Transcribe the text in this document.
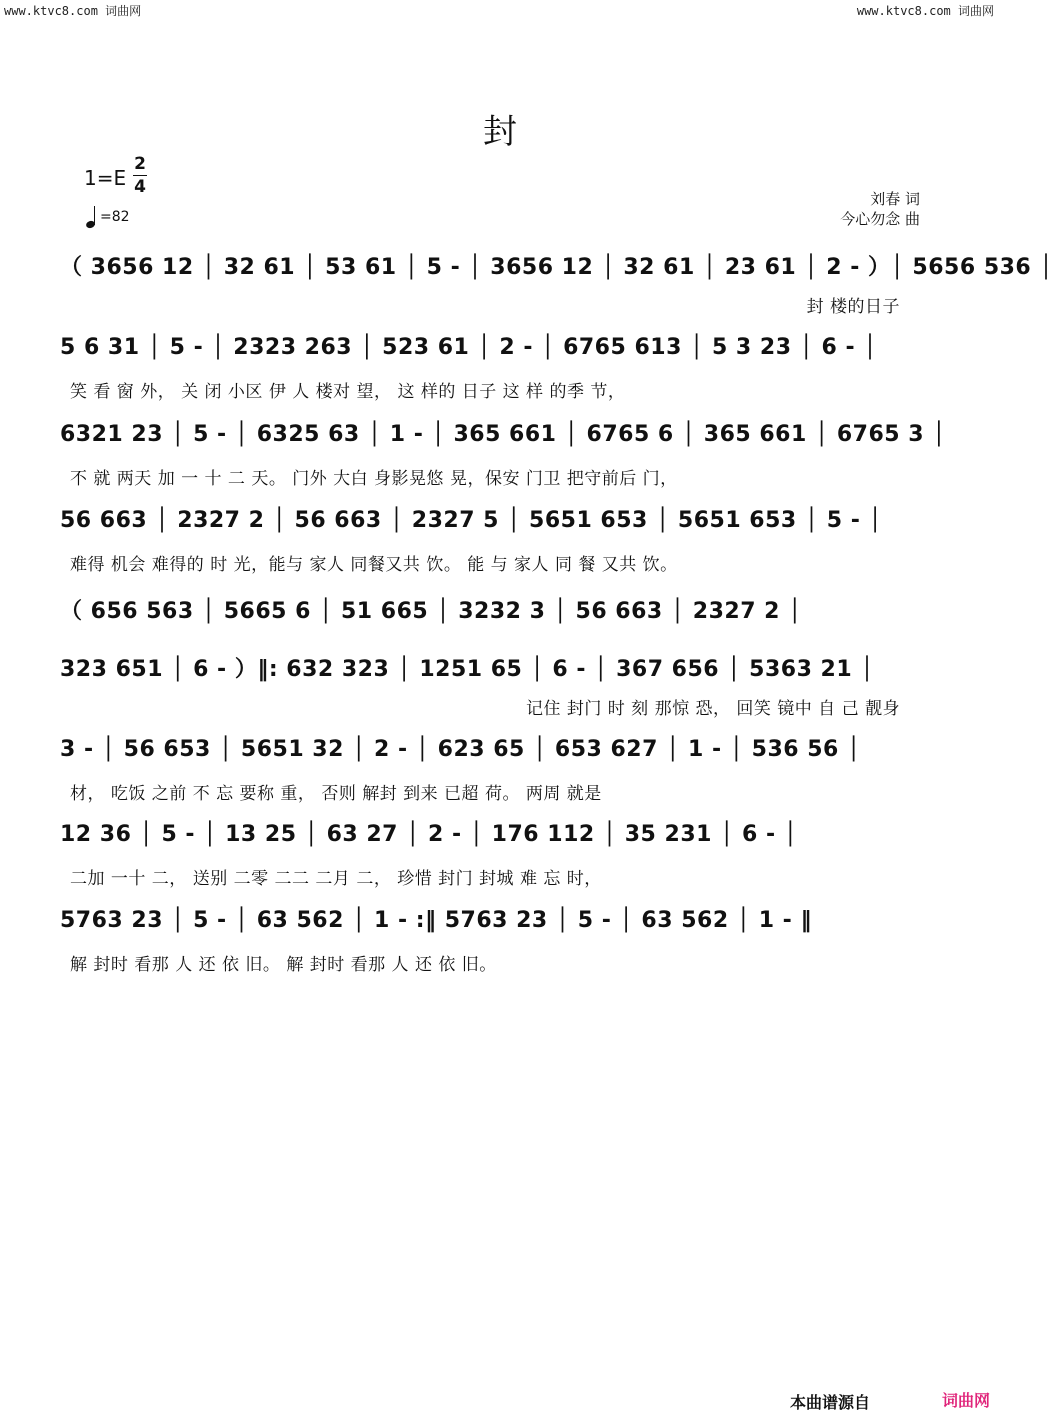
www.ktvc8.com 词曲网	www.ktvc8.com 词曲网
封
1=E
2
4
=82
刘春 词
今心勿念 曲
（ 3656 12 │ 32 61 │ 53 61 │ 5 - │ 3656 12 │ 32 61 │ 23 61 │ 2 - ）│ 5656 536 │
封 楼的日子
5 6 31 │ 5 - │ 2323 263 │ 523 61 │ 2 - │ 6765 613 │ 5 3 23 │ 6 - │
笑 看 窗 外， 关 闭 小区 伊 人 楼对 望， 这 样的 日子 这 样 的季 节，
6321 23 │ 5 - │ 6325 63 │ 1 - │ 365 661 │ 6765 6 │ 365 661 │ 6765 3 │
不 就 两天 加 一 十 二 天。 门外 大白 身影晃悠 晃，保安 门卫 把守前后 门，
56 663 │ 2327 2 │ 56 663 │ 2327 5 │ 5651 653 │ 5651 653 │ 5 - │
难得 机会 难得的 时 光，能与 家人 同餐又共 饮。 能 与 家人 同 餐 又共 饮。
（ 656 563 │ 5665 6 │ 51 665 │ 3232 3 │ 56 663 │ 2327 2 │
323 651 │ 6 - ）‖: 632 323 │ 1251 65 │ 6 - │ 367 656 │ 5363 21 │
记住 封门 时 刻 那惊 恐， 回笑 镜中 自 己 靓身
3 - │ 56 653 │ 5651 32 │ 2 - │ 623 65 │ 653 627 │ 1 - │ 536 56 │
材， 吃饭 之前 不 忘 要称 重， 否则 解封 到来 已超 荷。 两周 就是
12 36 │ 5 - │ 13 25 │ 63 27 │ 2 - │ 176 112 │ 35 231 │ 6 - │
二加 一十 二， 送别 二零 二二 二月 二， 珍惜 封门 封城 难 忘 时，
5763 23 │ 5 - │ 63 562 │ 1 - :‖ 5763 23 │ 5 - │ 63 562 │ 1 - ‖
解 封时 看那 人 还 依 旧。 解 封时 看那 人 还 依 旧。
本曲谱源自	词曲网
